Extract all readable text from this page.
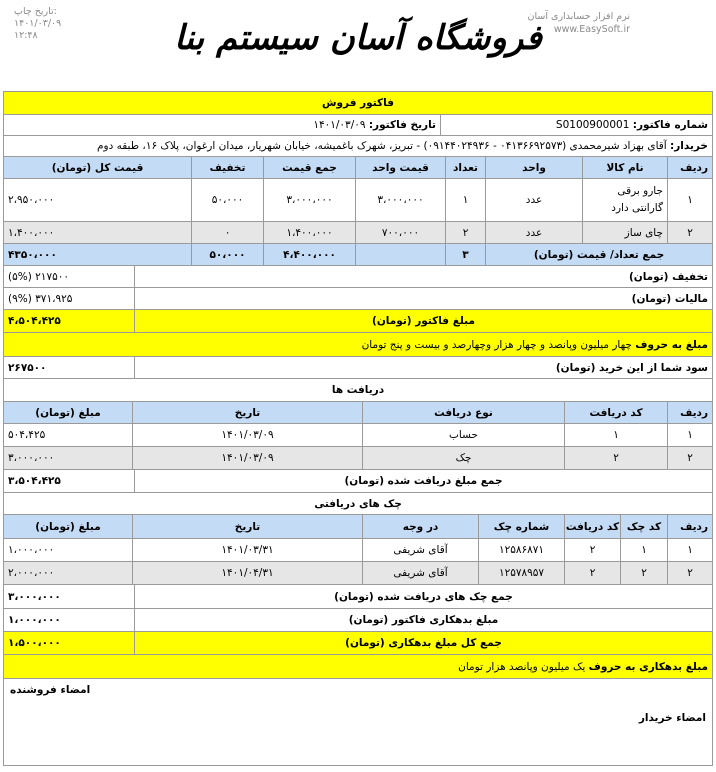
تاریخ چاپ:
۱۴۰۱/۰۳/۰۹
۱۲:۴۸	فروشگاه آسان سیستم بنا
نرم افزار حسابداری آسان
www.EasySoft.ir
فاکتور فروش
شماره فاکتور:

S0100900001
تاریخ فاکتور:

۱۴۰۱/۰۳/۰۹
خریدار:

آقای بهزاد شیرمحمدی (۰۴۱۳۶۶۹۲۵۷۳ - ۰۹۱۴۴۰۲۴۹۳۶) - تبریز، شهرک باغمیشه، خیابان شهریار، میدان ارغوان، پلاک ۱۶، طبقه دوم
ردیف
نام کالا
واحد
تعداد
قیمت واحد
جمع قیمت
تخفیف
قیمت کل (تومان)
۱
جارو برقی
گارانتی دارد
عدد
۱
۳،۰۰۰،۰۰۰
۳،۰۰۰،۰۰۰
۵۰،۰۰۰
۲،۹۵۰،۰۰۰
۲
چای ساز
عدد
۲
۷۰۰،۰۰۰
۱،۴۰۰،۰۰۰
۰
۱،۴۰۰،۰۰۰
جمع تعداد/ قیمت (تومان)
۳
۴،۴۰۰،۰۰۰
۵۰،۰۰۰
۴۳۵۰،۰۰۰
تخفیف (تومان)
۲۱۷۵۰۰ (۵%)
مالیات (تومان)
۳۷۱،۹۲۵ (۹%)
مبلغ فاکتور (تومان)
۴،۵۰۴،۴۲۵
مبلغ به حروف

چهار میلیون وپانصد و چهار هزار وچهارصد و بیست و پنج تومان
سود شما از این خرید (تومان)
۲۶۷۵۰۰
دریافت ها
ردیف
کد دریافت
نوع دریافت
تاریخ
مبلغ (تومان)
۱
۱
حساب
۱۴۰۱/۰۳/۰۹
۵۰۴،۴۲۵
۲
۲
چک
۱۴۰۱/۰۳/۰۹
۳،۰۰۰،۰۰۰
جمع مبلغ دریافت شده (تومان)
۳،۵۰۴،۴۲۵
چک های دریافتی
ردیف
کد چک
کد دریافت
شماره چک
در وجه
تاریخ
مبلغ (تومان)
۱
۱
۲
۱۲۵۸۶۸۷۱
آقای شریفی
۱۴۰۱/۰۳/۳۱
۱،۰۰۰،۰۰۰
۲
۲
۲
۱۲۵۷۸۹۵۷
آقای شریفی
۱۴۰۱/۰۴/۳۱
۲،۰۰۰،۰۰۰
جمع چک های دریافت شده (تومان)
۳،۰۰۰،۰۰۰
مبلغ بدهکاری فاکتور (تومان)
۱،۰۰۰،۰۰۰
جمع کل مبلغ بدهکاری (تومان)
۱،۵۰۰،۰۰۰
مبلغ بدهکاری به حروف

یک میلیون وپانصد هزار تومان
امضاء خریدار
امضاء فروشنده
